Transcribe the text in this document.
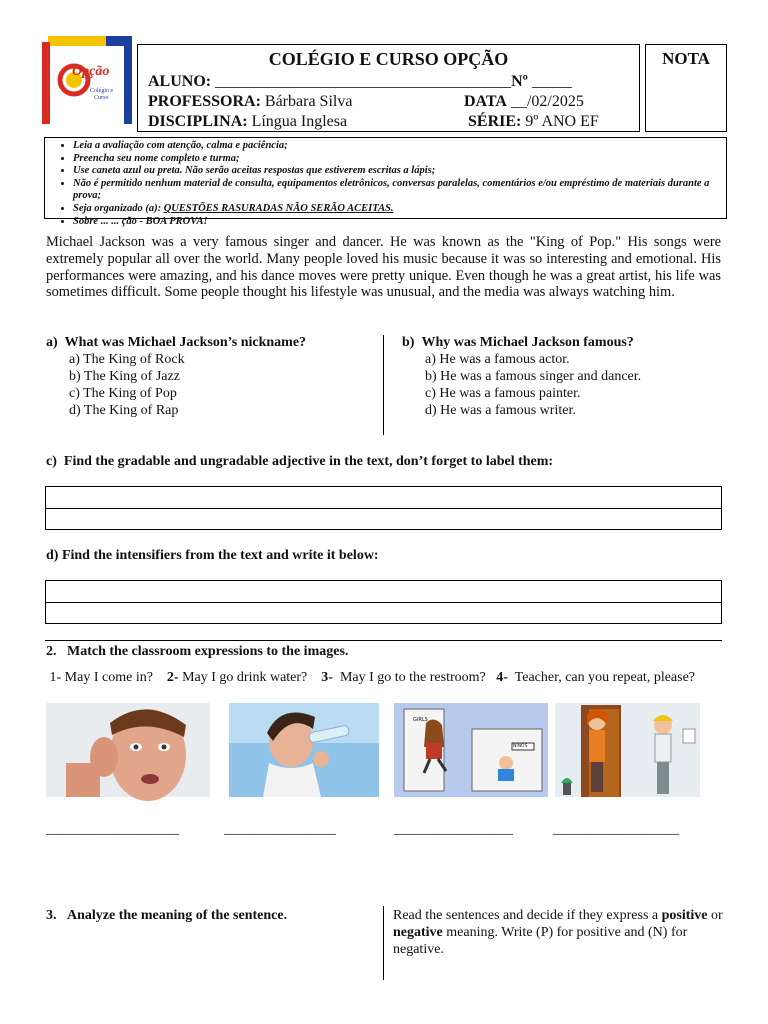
Opção
Colégio e
Curso
COLÉGIO E CURSO OPÇÃO
ALUNO: _____________________________________Nº _____
PROFESSORA: Bárbara Silva	DATA __/02/2025
DISCIPLINA: Língua Inglesa	SÉRIE: 9º ANO EF
NOTA
• Leia a avaliação com atenção, calma e paciência;
• Preencha seu nome completo e turma;
• Use caneta azul ou preta. Não serão aceitas respostas que estiverem escritas a lápis;
• Não é permitido nenhum material de consulta, equipamentos eletrônicos, conversas paralelas, comentários e/ou empréstimo de materiais durante a prova;
• Seja organizado (a): QUESTÕES RASURADAS NÃO SERÃO ACEITAS.
• Sobre ... ... ção - BOA PROVA!
Michael Jackson was a very famous singer and dancer. He was known as the "King of Pop." His songs were extremely popular all over the world. Many people loved his music because it was so interesting and emotional. His performances were amazing, and his dance moves were pretty unique. Even though he was a great artist, his life was sometimes difficult. Some people thought his lifestyle was unusual, and the media was always watching him.
a) What was Michael Jackson’s nickname?
a) The King of Rock
b) The King of Jazz
c) The King of Pop
d) The King of Rap
b) Why was Michael Jackson famous?
a) He was a famous actor.
b) He was a famous singer and dancer.
c) He was a famous painter.
d) He was a famous writer.
c) Find the gradable and ungradable adjective in the text, don’t forget to label them:
d) Find the intensifiers from the text and write it below:
2. Match the classroom expressions to the images.
1- May I come in? 2- May I go drink water? 3- May I go to the restroom? 4- Teacher, can you repeat, please?
GIRLS
NIÑOS
___________________	________________	_________________	__________________
3. Analyze the meaning of the sentence.	Read the sentences and decide if they express a positive or negative meaning. Write (P) for positive and (N) for negative.
